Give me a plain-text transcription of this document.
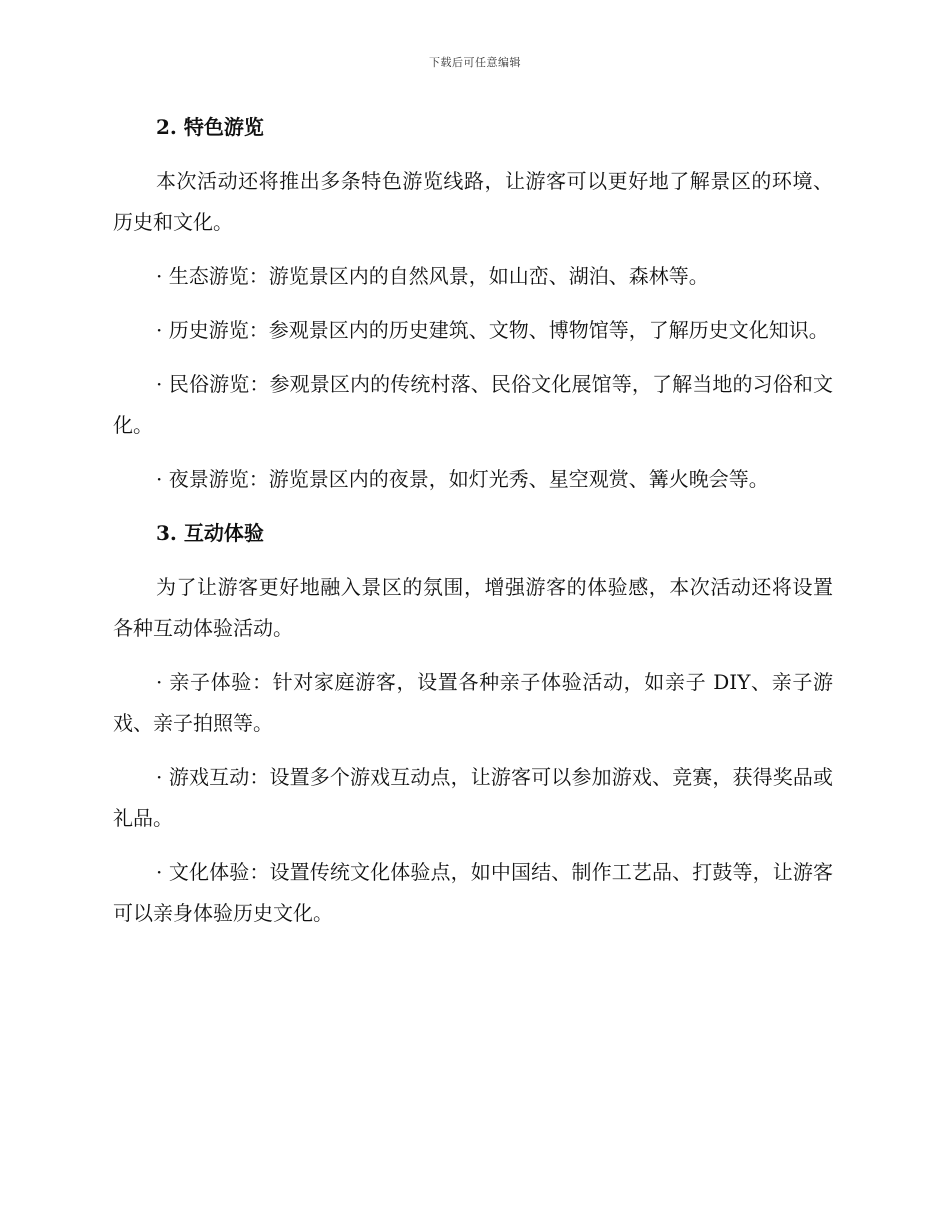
下载后可任意编辑

2. 特色游览

本次活动还将推出多条特色游览线路，让游客可以更好地了解景区的环境、历史和文化。

· 生态游览：游览景区内的自然风景，如山峦、湖泊、森林等。

· 历史游览：参观景区内的历史建筑、文物、博物馆等，了解历史文化知识。

· 民俗游览：参观景区内的传统村落、民俗文化展馆等，了解当地的习俗和文化。

· 夜景游览：游览景区内的夜景，如灯光秀、星空观赏、篝火晚会等。

3. 互动体验

为了让游客更好地融入景区的氛围，增强游客的体验感，本次活动还将设置各种互动体验活动。

· 亲子体验：针对家庭游客，设置各种亲子体验活动，如亲子 DIY、亲子游戏、亲子拍照等。

· 游戏互动：设置多个游戏互动点，让游客可以参加游戏、竞赛，获得奖品或礼品。

· 文化体验：设置传统文化体验点，如中国结、制作工艺品、打鼓等，让游客可以亲身体验历史文化。
